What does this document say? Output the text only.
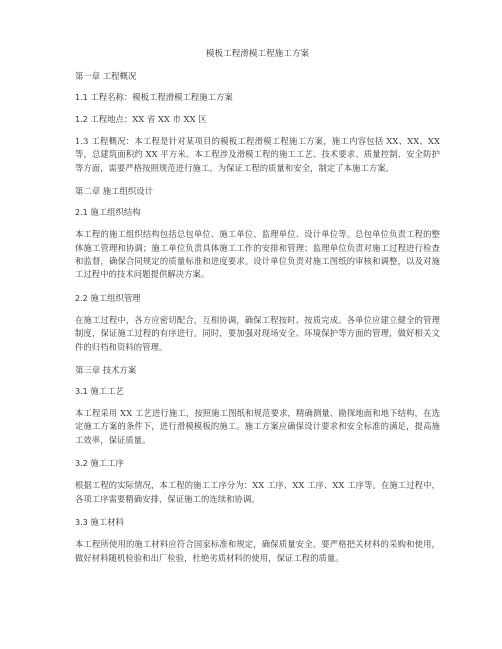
模板工程滑模工程施工方案
第一章 工程概况
1.1 工程名称：模板工程滑模工程施工方案
1.2 工程地点：XX 省 XX 市 XX 区
1.3 工程概况：本工程是针对某项目的模板工程滑模工程施工方案，施工内容包括 XX、XX、XX 等，总建筑面积约 XX 平方米。本工程涉及滑模工程的施工工艺、技术要求、质量控制、安全防护等方面，需要严格按照规范进行施工。为保证工程的质量和安全，制定了本施工方案。
第二章 施工组织设计
2.1 施工组织结构
本工程的施工组织结构包括总包单位、施工单位、监理单位、设计单位等。总包单位负责工程的整体施工管理和协调；施工单位负责具体施工工作的安排和管理；监理单位负责对施工过程进行检查和监督，确保合同规定的质量标准和进度要求。设计单位负责对施工图纸的审核和调整，以及对施工过程中的技术问题提供解决方案。
2.2 施工组织管理
在施工过程中，各方应密切配合，互相协调，确保工程按时、按质完成。各单位应建立健全的管理制度，保证施工过程的有序进行。同时，要加强对现场安全、环境保护等方面的管理，做好相关文件的归档和资料的管理。
第三章 技术方案
3.1 施工工艺
本工程采用 XX 工艺进行施工，按照施工图纸和规范要求，精确测量、勘探地面和地下结构，在选定施工方案的条件下，进行滑模模板的施工。施工方案应确保设计要求和安全标准的满足，提高施工效率，保证质量。
3.2 施工工序
根据工程的实际情况，本工程的施工工序分为：XX 工序、XX 工序、XX 工序等。在施工过程中，各项工序需要精确安排，保证施工的连续和协调。
3.3 施工材料
本工程所使用的施工材料应符合国家标准和规定，确保质量安全。要严格把关材料的采购和使用，做好材料随机检验和出厂检验，杜绝劣质材料的使用，保证工程的质量。
